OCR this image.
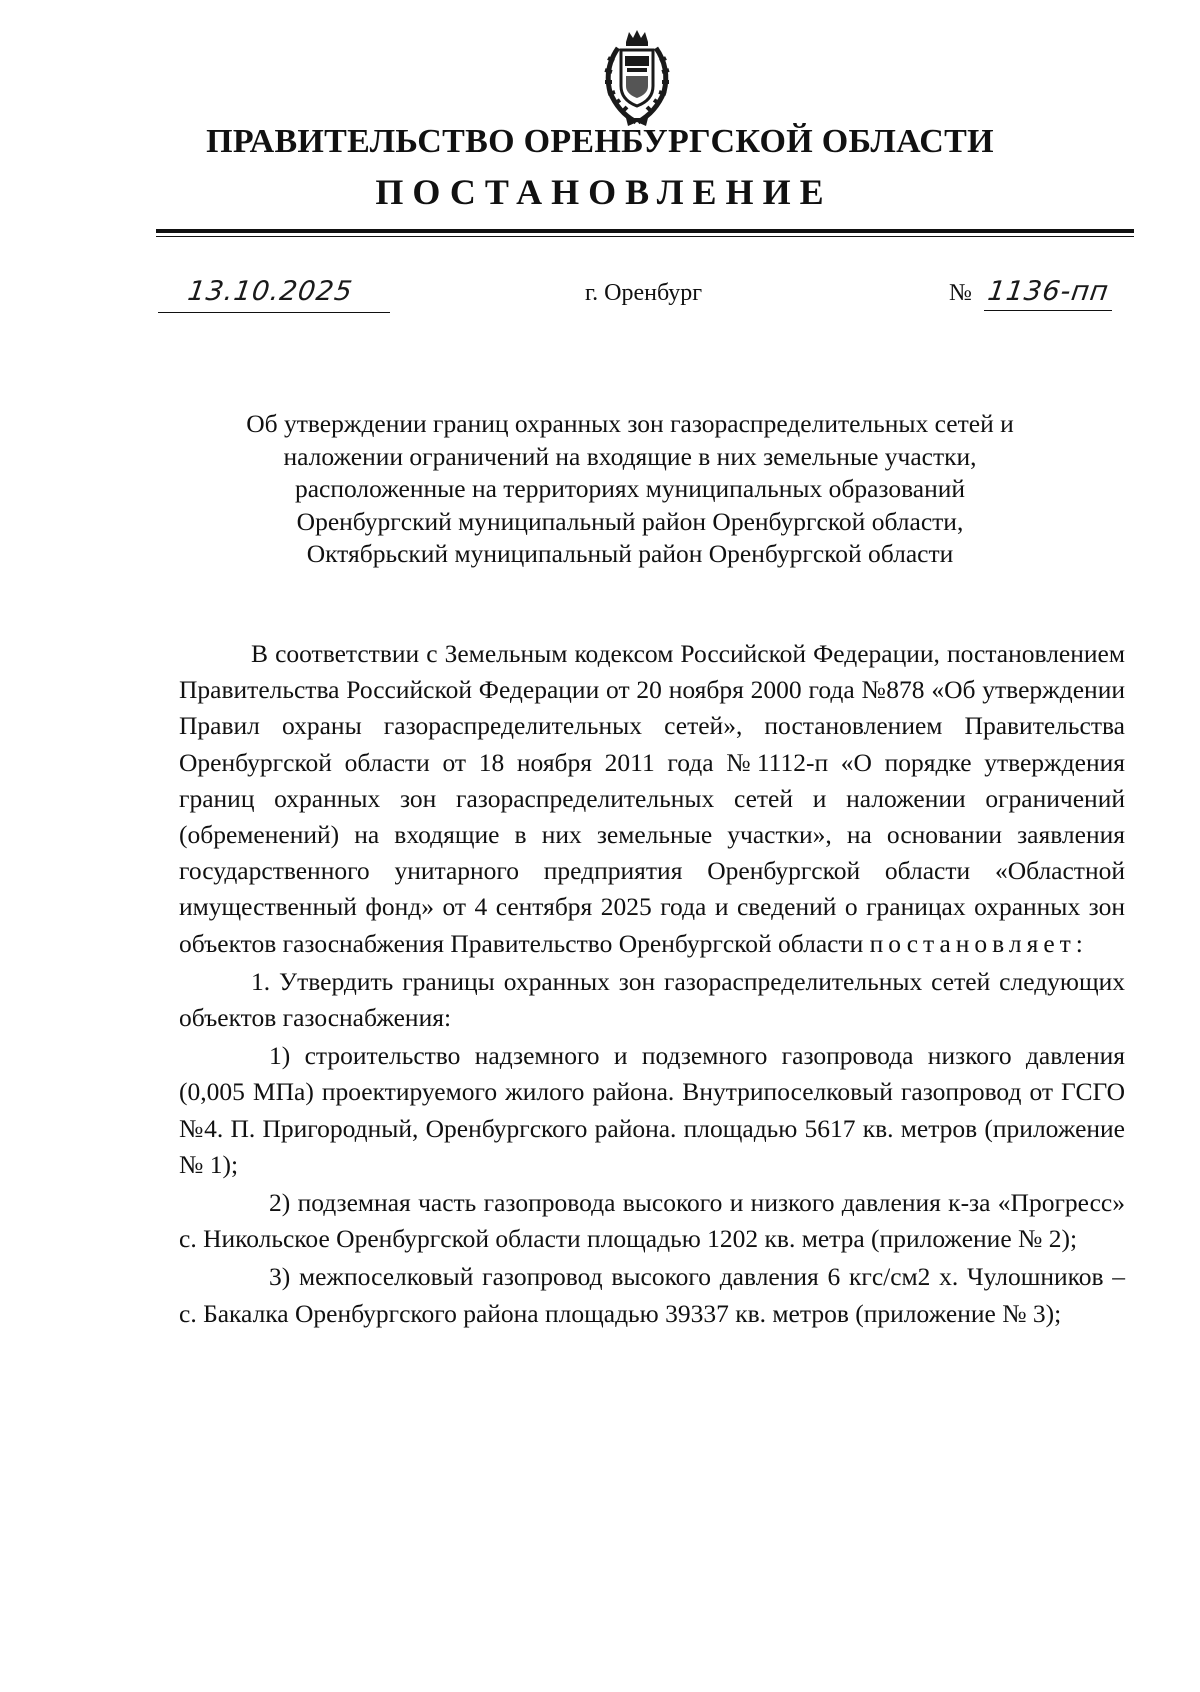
ПРАВИТЕЛЬСТВО ОРЕНБУРГСКОЙ ОБЛАСТИ
ПОСТАНОВЛЕНИЕ
13.10.2025	г. Оренбург	№ 1136-пп
Об утверждении границ охранных зон газораспределительных сетей и
наложении ограничений на входящие в них земельные участки,
расположенные на территориях муниципальных образований
Оренбургский муниципальный район Оренбургской области,
Октябрьский муниципальный район Оренбургской области

В соответствии с Земельным кодексом Российской Федерации, постановлением Правительства Российской Федерации от 20 ноября 2000 года №878 «Об утверждении Правил охраны газораспределительных сетей», постановлением Правительства Оренбургской области от 18 ноября 2011 года №1112-п «О порядке утверждения границ охранных зон газораспределительных сетей и наложении ограничений (обременений) на входящие в них земельные участки», на основании заявления государственного унитарного предприятия Оренбургской области «Областной имущественный фонд» от 4 сентября 2025 года и сведений о границах охранных зон объектов газоснабжения Правительство Оренбургской области постановляет:

1. Утвердить границы охранных зон газораспределительных сетей следующих объектов газоснабжения:

1) строительство надземного и подземного газопровода низкого давления (0,005 МПа) проектируемого жилого района. Внутрипоселковый газопровод от ГСГО №4. П. Пригородный, Оренбургского района. площадью 5617 кв. метров (приложение № 1);

2) подземная часть газопровода высокого и низкого давления к-за «Прогресс» с. Никольское Оренбургской области площадью 1202 кв. метра (приложение № 2);

3) межпоселковый газопровод высокого давления 6 кгс/см2 х. Чулошников – с. Бакалка Оренбургского района площадью 39337 кв. метров (приложение № 3);
